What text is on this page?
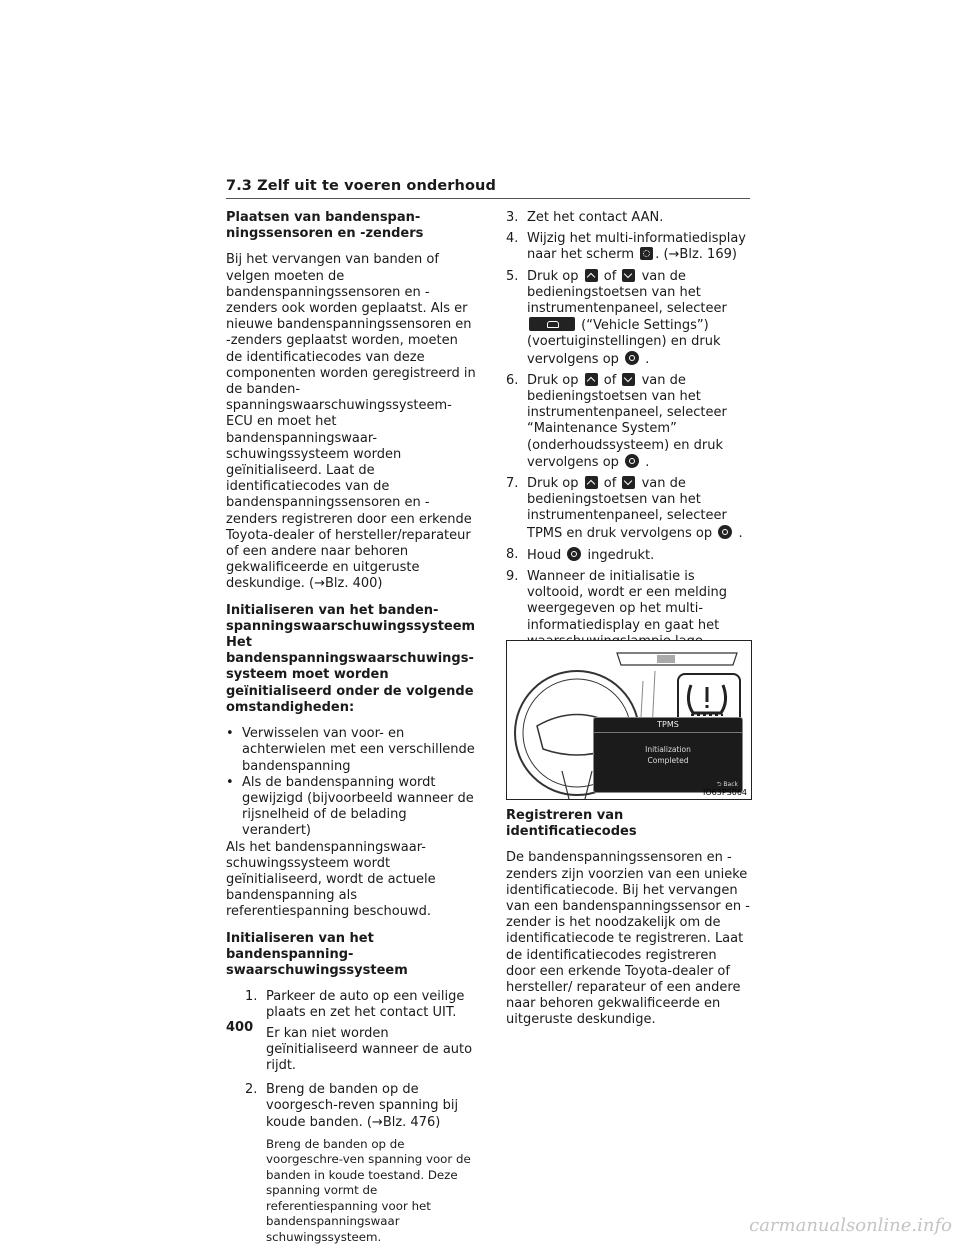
7.3 Zelf uit te voeren onderhoud

Plaatsen van bandenspan-ningssensoren en -zenders

Bij het vervangen van banden of velgen moeten de bandenspanningssensoren en -zenders ook worden geplaatst. Als er nieuwe bandenspanningssensoren en -zenders geplaatst worden, moeten de identificatiecodes van deze componenten worden geregistreerd in de banden-spanningswaarschuwingssysteem-ECU en moet het bandenspanningswaar-schuwingssysteem worden geïnitialiseerd. Laat de identificatiecodes van de bandenspanningssensoren en -zenders registreren door een erkende Toyota-dealer of hersteller/reparateur of een andere naar behoren gekwalificeerde en uitgeruste deskundige. (→Blz. 400)

Initialiseren van het banden-spanningswaarschuwingssysteem Het bandenspanningswaarschuwings-systeem moet worden geïnitialiseerd onder de volgende omstandigheden:

• Verwisselen van voor- en achterwielen met een verschillende bandenspanning
• Als de bandenspanning wordt gewijzigd (bijvoorbeeld wanneer de rijsnelheid of de belading verandert)

Als het bandenspanningswaar-schuwingssysteem wordt geïnitialiseerd, wordt de actuele bandenspanning als referentiespanning beschouwd.

Initialiseren van het bandenspanning-swaarschuwingssysteem

1. Parkeer de auto op een veilige plaats en zet het contact UIT.
Er kan niet worden geïnitialiseerd wanneer de auto rijdt.
2. Breng de banden op de voorgesch-reven spanning bij koude banden. (→Blz. 476)
Breng de banden op de voorgeschre-ven spanning voor de banden in koude toestand. Deze spanning vormt de referentiespanning voor het bandenspanningswaar schuwingssysteem.
3. Zet het contact AAN.
4. Wijzig het multi-informatiedisplay naar het scherm . (→Blz. 169)
5. Druk op of van de bedieningstoetsen van het instrumentenpaneel, selecteer
(“Vehicle Settings”) (voertuiginstellingen) en druk vervolgens op .
6. Druk op of van de bedieningstoetsen van het instrumentenpaneel, selecteer “Maintenance System” (onderhoudssysteem) en druk vervolgens op .
7. Druk op of van de bedieningstoetsen van het instrumentenpaneel, selecteer TPMS en druk vervolgens op .
8. Houd ingedrukt.
9. Wanneer de initialisatie is voltooid, wordt er een melding weergegeven op het multi-informatiedisplay en gaat het
TPMS
Initialization
Completed
⮌ Back
IO63PS064

Registreren van identificatiecodes

De bandenspanningssensoren en -zenders zijn voorzien van een unieke identificatiecode. Bij het vervangen van een bandenspanningssensor en -zender is het noodzakelijk om de identificatiecode te registreren. Laat de identificatiecodes registreren door een erkende Toyota-dealer of hersteller/ reparateur of een andere naar behoren gekwalificeerde en uitgeruste deskundige.

400
carmanualsonline.info
